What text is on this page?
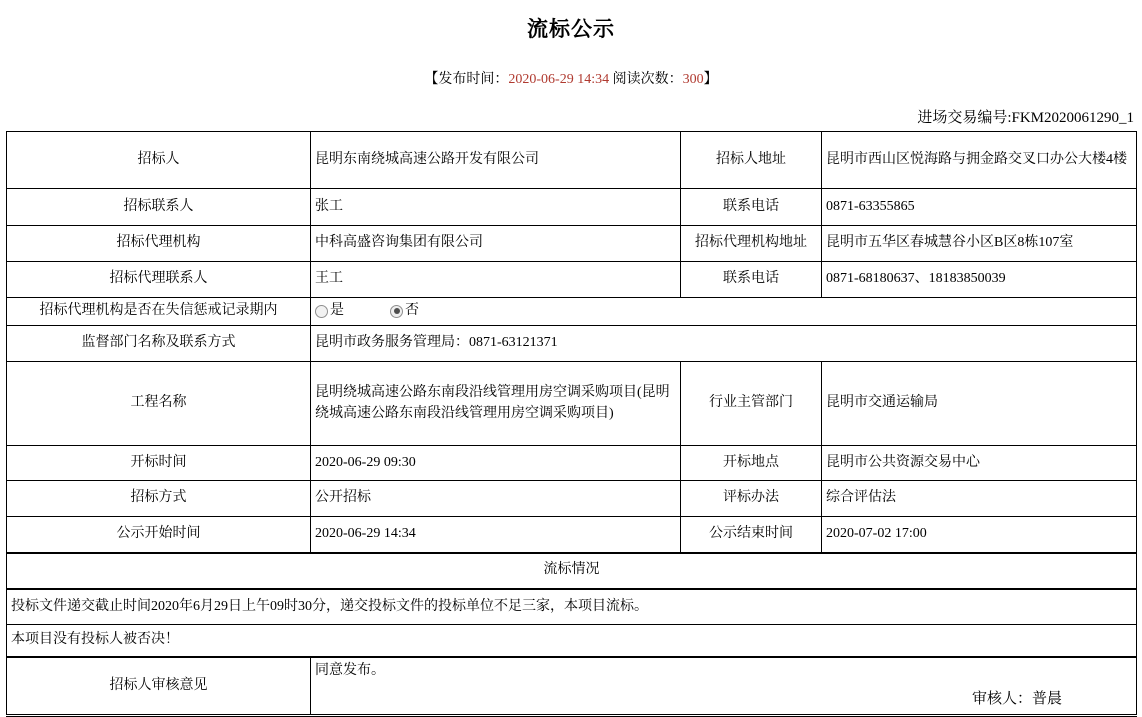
流标公示
【发布时间：2020-06-29 14:34 阅读次数：300】
进场交易编号:FKM2020061290_1
招标人	昆明东南绕城高速公路开发有限公司	招标人地址	昆明市西山区悦海路与拥金路交叉口办公大楼4楼
招标联系人	张工	联系电话	0871-63355865
招标代理机构	中科高盛咨询集团有限公司	招标代理机构地址	昆明市五华区春城慧谷小区B区8栋107室
招标代理联系人	王工	联系电话	0871-68180637、18183850039
招标代理机构是否在失信惩戒记录期内	是 否		

监督部门名称及联系方式	昆明市政务服务管理局：0871-63121371		
工程名称	昆明绕城高速公路东南段沿线管理用房空调采购项目(昆明绕城高速公路东南段沿线管理用房空调采购项目)	行业主管部门	昆明市交通运输局
开标时间	2020-06-29 09:30	开标地点	昆明市公共资源交易中心
招标方式	公开招标	评标办法	综合评估法
公示开始时间	2020-06-29 14:34	公示结束时间	2020-07-02 17:00
流标情况			
投标文件递交截止时间2020年6月29日上午09时30分，递交投标文件的投标单位不足三家，本项目流标。			
本项目没有投标人被否决！			
招标人审核意见	同意发布。
审核人：普晨		
